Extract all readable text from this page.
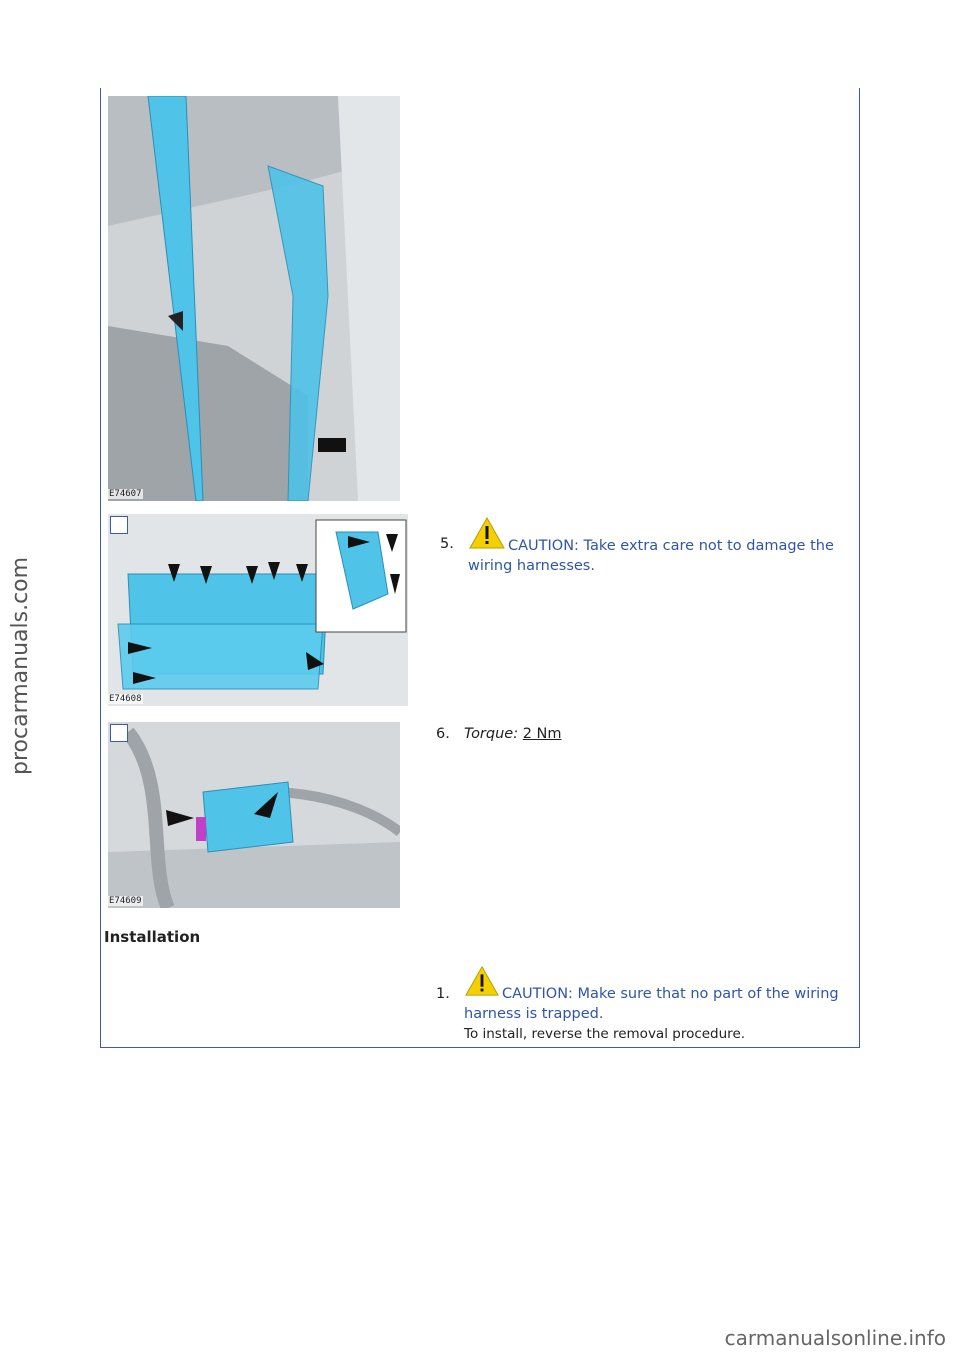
E74607
E74608
E74609
5.	CAUTION: Take extra care not to damage the wiring harnesses.
6. Torque: 2 Nm
Installation
1.	CAUTION: Make sure that no part of the wiring harness is trapped.
To install, reverse the removal procedure.
procarmanuals.com
carmanualsonline.info
